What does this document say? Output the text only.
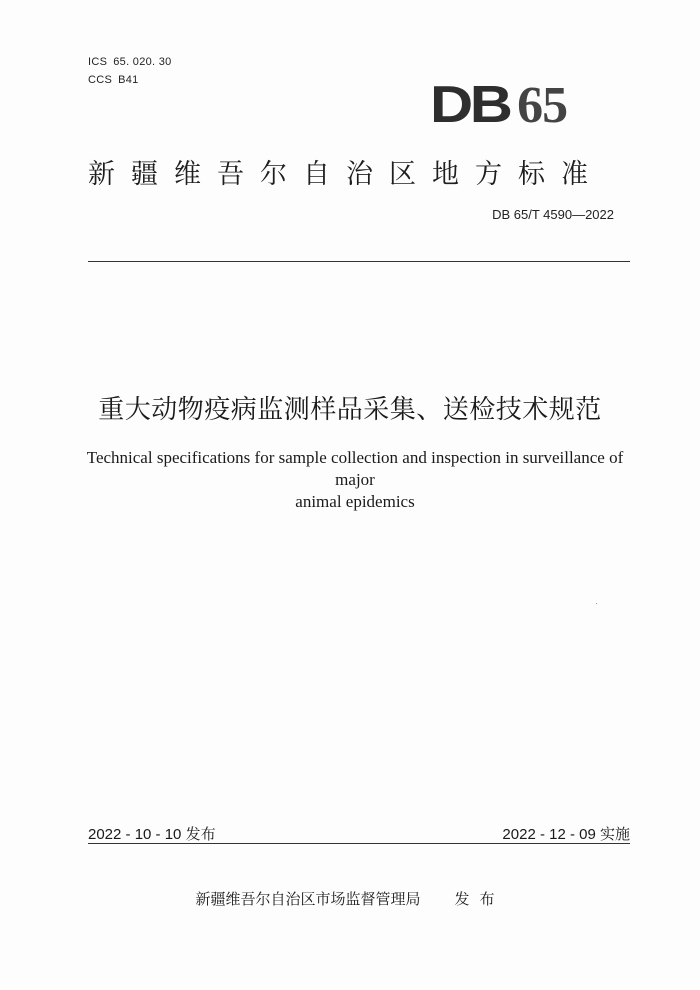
ICS 65. 020. 30
CCS B41	DB 65
新疆维吾尔自治区地方标准
DB 65/T 4590—2022
重大动物疫病监测样品采集、送检技术规范
Technical specifications for sample collection and inspection in surveillance of major
animal epidemics
2022 - 10 - 10 发布	2022 - 12 - 09 实施
新疆维吾尔自治区市场监督管理局 发布
